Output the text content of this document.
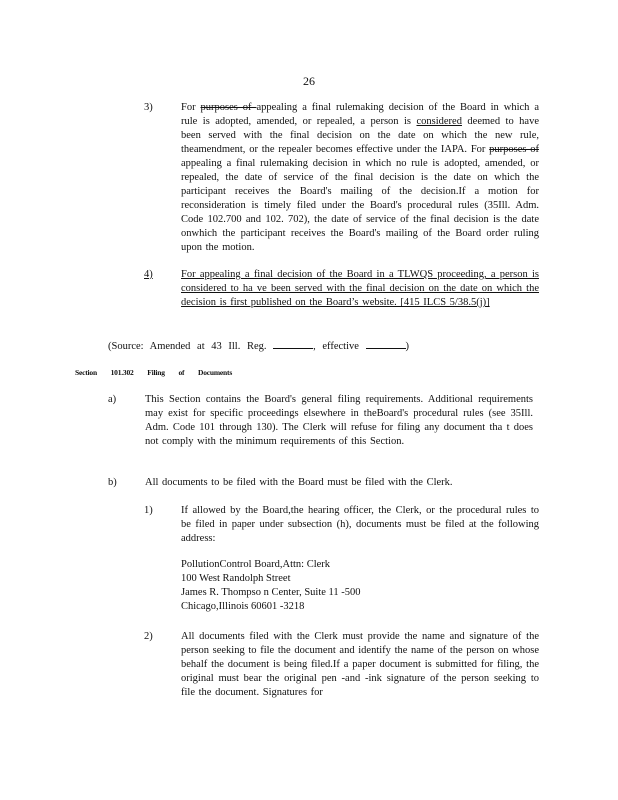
26
3)	For purposes of appealing a final rulemaking decision of the Board in which a rule is adopted, amended, or repealed, a person is considered deemed to have been served with the final decision on the date on which the new rule, theamendment, or the repealer becomes effective under the IAPA. For purposes of appealing a final rulemaking decision in which no rule is adopted, amended, or repealed, the date of service of the final decision is the date on which the participant receives the Board's mailing of the decision.If a motion for reconsideration is timely filed under the Board's procedural rules (35Ill. Adm. Code 102.700 and 102. 702), the date of service of the final decision is the date onwhich the participant receives the Board's mailing of the Board order ruling upon the motion.
4)	For appealing a final decision of the Board in a TLWQS proceeding, a person is considered to ha ve been served with the final decision on the date on which the decision is first published on the Board’s website. [415 ILCS 5/38.5(j)]
(Source: Amended at 43 Ill. Reg.	, effective	)
Section 101.302 Filing of Documents
a)	This Section contains the Board's general filing requirements. Additional requirements may exist for specific proceedings elsewhere in theBoard's procedural rules (see 35Ill. Adm. Code 101 through 130). The Clerk will refuse for filing any document tha t does not comply with the minimum requirements of this Section.
b)	All documents to be filed with the Board must be filed with the Clerk.
1)	If allowed by the Board,the hearing officer, the Clerk, or the procedural rules to be filed in paper under subsection (h), documents must be filed at the following address:
PollutionControl Board,Attn: Clerk
100 West Randolph Street
James R. Thompso n Center, Suite 11 -500
Chicago,Illinois 60601 -3218
2)	All documents filed with the Clerk must provide the name and signature of the person seeking to file the document and identify the name of the person on whose behalf the document is being filed.If a paper document is submitted for filing, the original must bear the original pen -and -ink signature of the person seeking to file the document. Signatures for
